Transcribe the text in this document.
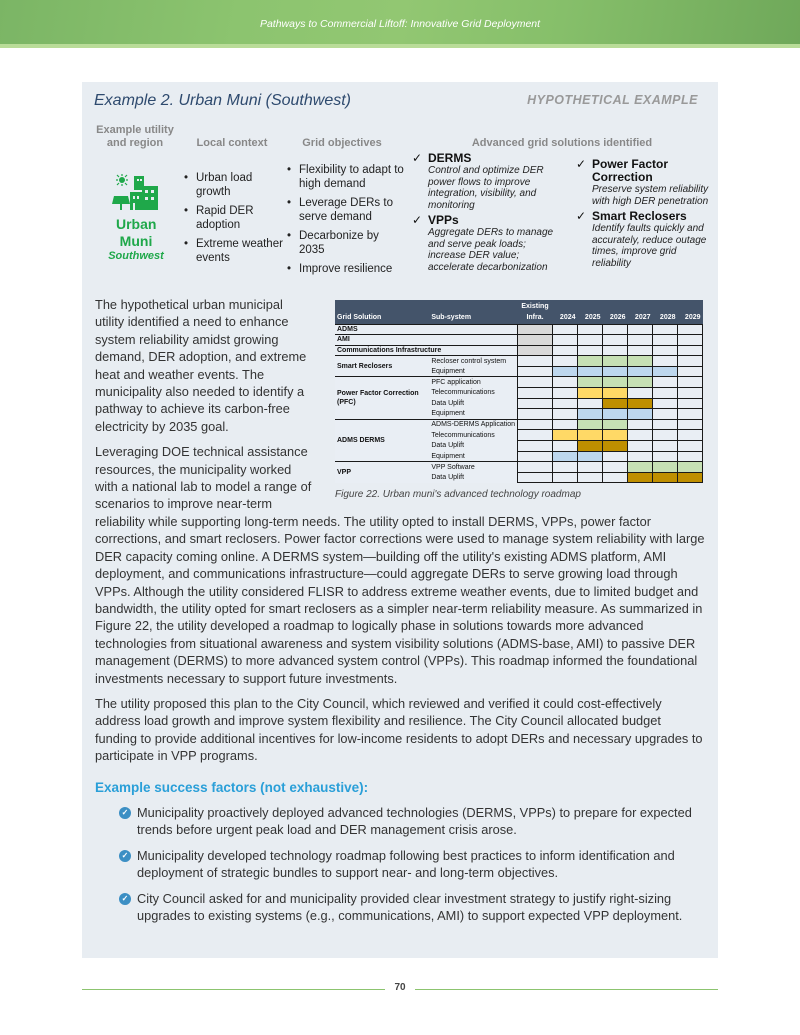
Pathways to Commercial Liftoff: Innovative Grid Deployment
Example 2. Urban Muni (Southwest)	HYPOTHETICAL EXAMPLE
Example utility and region	Local context	Grid objectives	Advanced grid solutions identified
Urban Muni
Southwest
• Urban load growth
• Rapid DER adoption
• Extreme weather events
• Flexibility to adapt to high demand
• Leverage DERs to serve demand
• Decarbonize by 2035
• Improve resilience
✓ DERMS
Control and optimize DER power flows to improve integration, visibility, and monitoring
✓ VPPs
Aggregate DERs to manage and serve peak loads; increase DER value; accelerate decarbonization
✓ Power Factor Correction
Preserve system reliability with high DER penetration
✓ Smart Reclosers
Identify faults quickly and accurately, reduce outage times, improve grid reliability
		Existing						
Grid Solution	Sub-system	Infra.	2024	2025	2026	2027	2028	2029
ADMS								
AMI								
Communications Infrastructure								
Smart Reclosers	Recloser control system							
	Equipment							
Power Factor Correction (PFC)	PFC application							
	Telecommunications							
	Data Uplift							
	Equipment							
ADMS DERMS	ADMS-DERMS Application							
	Telecommunications							
	Data Uplift							
	Equipment							
VPP	VPP Software							
	Data Uplift							
Figure 22. Urban muni's advanced technology roadmap

The hypothetical urban municipal utility identified a need to enhance system reliability amidst growing demand, DER adoption, and extreme heat and weather events. The municipality also needed to identify a pathway to achieve its carbon-free electricity by 2035 goal.

Leveraging DOE technical assistance resources, the municipality worked with a national lab to model a range of scenarios to improve near-term reliability while supporting long-term needs. The utility opted to install DERMS, VPPs, power factor corrections, and smart reclosers. Power factor corrections were used to manage system reliability with large DER capacity coming online. A DERMS system—building off the utility's existing ADMS platform, AMI deployment, and communications infrastructure—could aggregate DERs to serve growing load through VPPs. Although the utility considered FLISR to address extreme weather events, due to limited budget and bandwidth, the utility opted for smart reclosers as a simpler near-term reliability measure. As summarized in Figure 22, the utility developed a roadmap to logically phase in solutions towards more advanced technologies from situational awareness and system visibility solutions (ADMS-base, AMI) to passive DER management (DERMS) to more advanced system control (VPPs). This roadmap informed the foundational investments necessary to support future investments.

The utility proposed this plan to the City Council, which reviewed and verified it could cost-effectively address load growth and improve system flexibility and resilience. The City Council allocated budget funding to provide additional incentives for low-income residents to adopt DERs and necessary upgrades to participate in VPP programs.

Example success factors (not exhaustive):
✓ Municipality proactively deployed advanced technologies (DERMS, VPPs) to prepare for expected trends before urgent peak load and DER management crisis arose.
✓ Municipality developed technology roadmap following best practices to inform identification and deployment of strategic bundles to support near- and long-term objectives.
✓ City Council asked for and municipality provided clear investment strategy to justify right-sizing upgrades to existing systems (e.g., communications, AMI) to support expected VPP deployment.
70
